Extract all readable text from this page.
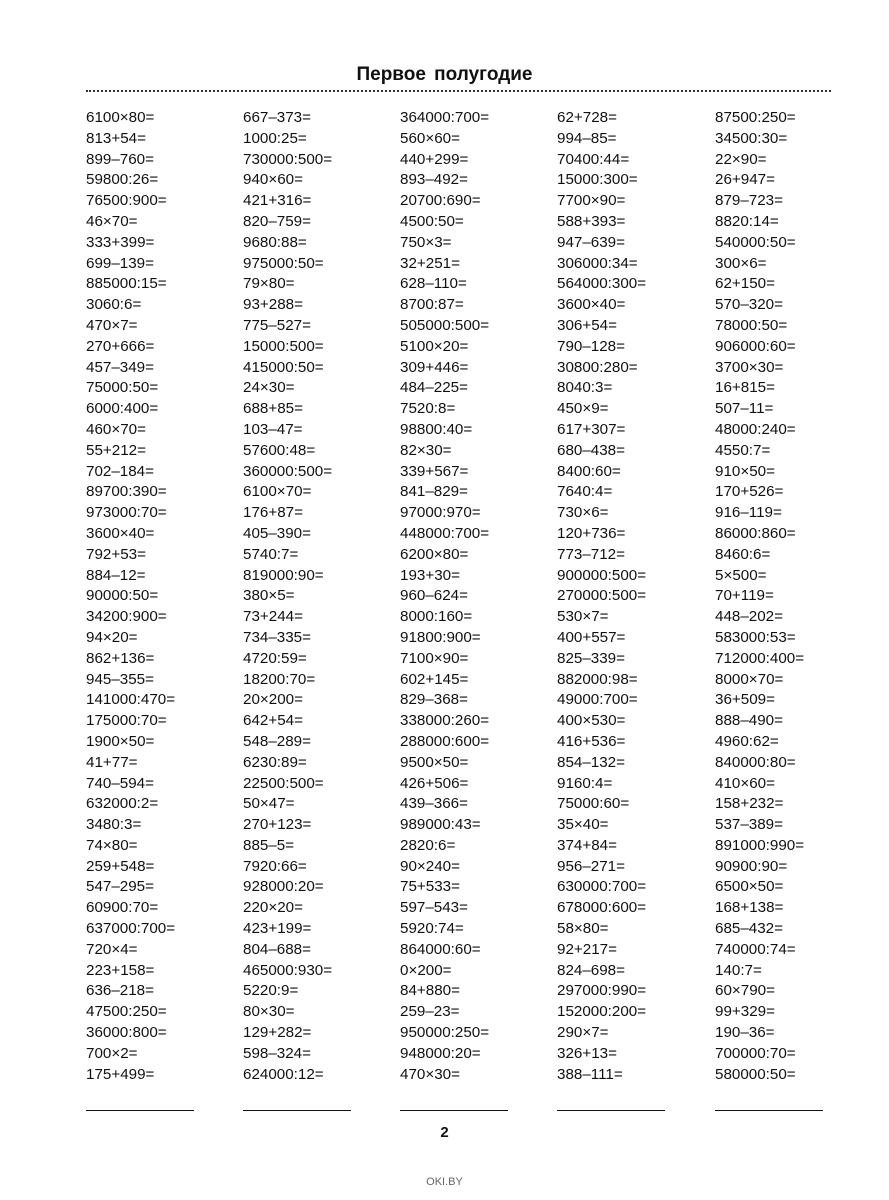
Первое полугодие
6100×80=
813+54=
899–760=
59800:26=
76500:900=
46×70=
333+399=
699–139=
885000:15=
3060:6=
470×7=
270+666=
457–349=
75000:50=
6000:400=
460×70=
55+212=
702–184=
89700:390=
973000:70=
3600×40=
792+53=
884–12=
90000:50=
34200:900=
94×20=
862+136=
945–355=
141000:470=
175000:70=
1900×50=
41+77=
740–594=
632000:2=
3480:3=
74×80=
259+548=
547–295=
60900:70=
637000:700=
720×4=
223+158=
636–218=
47500:250=
36000:800=
700×2=
175+499=
667–373=
1000:25=
730000:500=
940×60=
421+316=
820–759=
9680:88=
975000:50=
79×80=
93+288=
775–527=
15000:500=
415000:50=
24×30=
688+85=
103–47=
57600:48=
360000:500=
6100×70=
176+87=
405–390=
5740:7=
819000:90=
380×5=
73+244=
734–335=
4720:59=
18200:70=
20×200=
642+54=
548–289=
6230:89=
22500:500=
50×47=
270+123=
885–5=
7920:66=
928000:20=
220×20=
423+199=
804–688=
465000:930=
5220:9=
80×30=
129+282=
598–324=
624000:12=
364000:700=
560×60=
440+299=
893–492=
20700:690=
4500:50=
750×3=
32+251=
628–110=
8700:87=
505000:500=
5100×20=
309+446=
484–225=
7520:8=
98800:40=
82×30=
339+567=
841–829=
97000:970=
448000:700=
6200×80=
193+30=
960–624=
8000:160=
91800:900=
7100×90=
602+145=
829–368=
338000:260=
288000:600=
9500×50=
426+506=
439–366=
989000:43=
2820:6=
90×240=
75+533=
597–543=
5920:74=
864000:60=
0×200=
84+880=
259–23=
950000:250=
948000:20=
470×30=
62+728=
994–85=
70400:44=
15000:300=
7700×90=
588+393=
947–639=
306000:34=
564000:300=
3600×40=
306+54=
790–128=
30800:280=
8040:3=
450×9=
617+307=
680–438=
8400:60=
7640:4=
730×6=
120+736=
773–712=
900000:500=
270000:500=
530×7=
400+557=
825–339=
882000:98=
49000:700=
400×530=
416+536=
854–132=
9160:4=
75000:60=
35×40=
374+84=
956–271=
630000:700=
678000:600=
58×80=
92+217=
824–698=
297000:990=
152000:200=
290×7=
326+13=
388–111=
87500:250=
34500:30=
22×90=
26+947=
879–723=
8820:14=
540000:50=
300×6=
62+150=
570–320=
78000:50=
906000:60=
3700×30=
16+815=
507–11=
48000:240=
4550:7=
910×50=
170+526=
916–119=
86000:860=
8460:6=
5×500=
70+119=
448–202=
583000:53=
712000:400=
8000×70=
36+509=
888–490=
4960:62=
840000:80=
410×60=
158+232=
537–389=
891000:990=
90900:90=
6500×50=
168+138=
685–432=
740000:74=
140:7=
60×790=
99+329=
190–36=
700000:70=
580000:50=
2
OKI.BY
